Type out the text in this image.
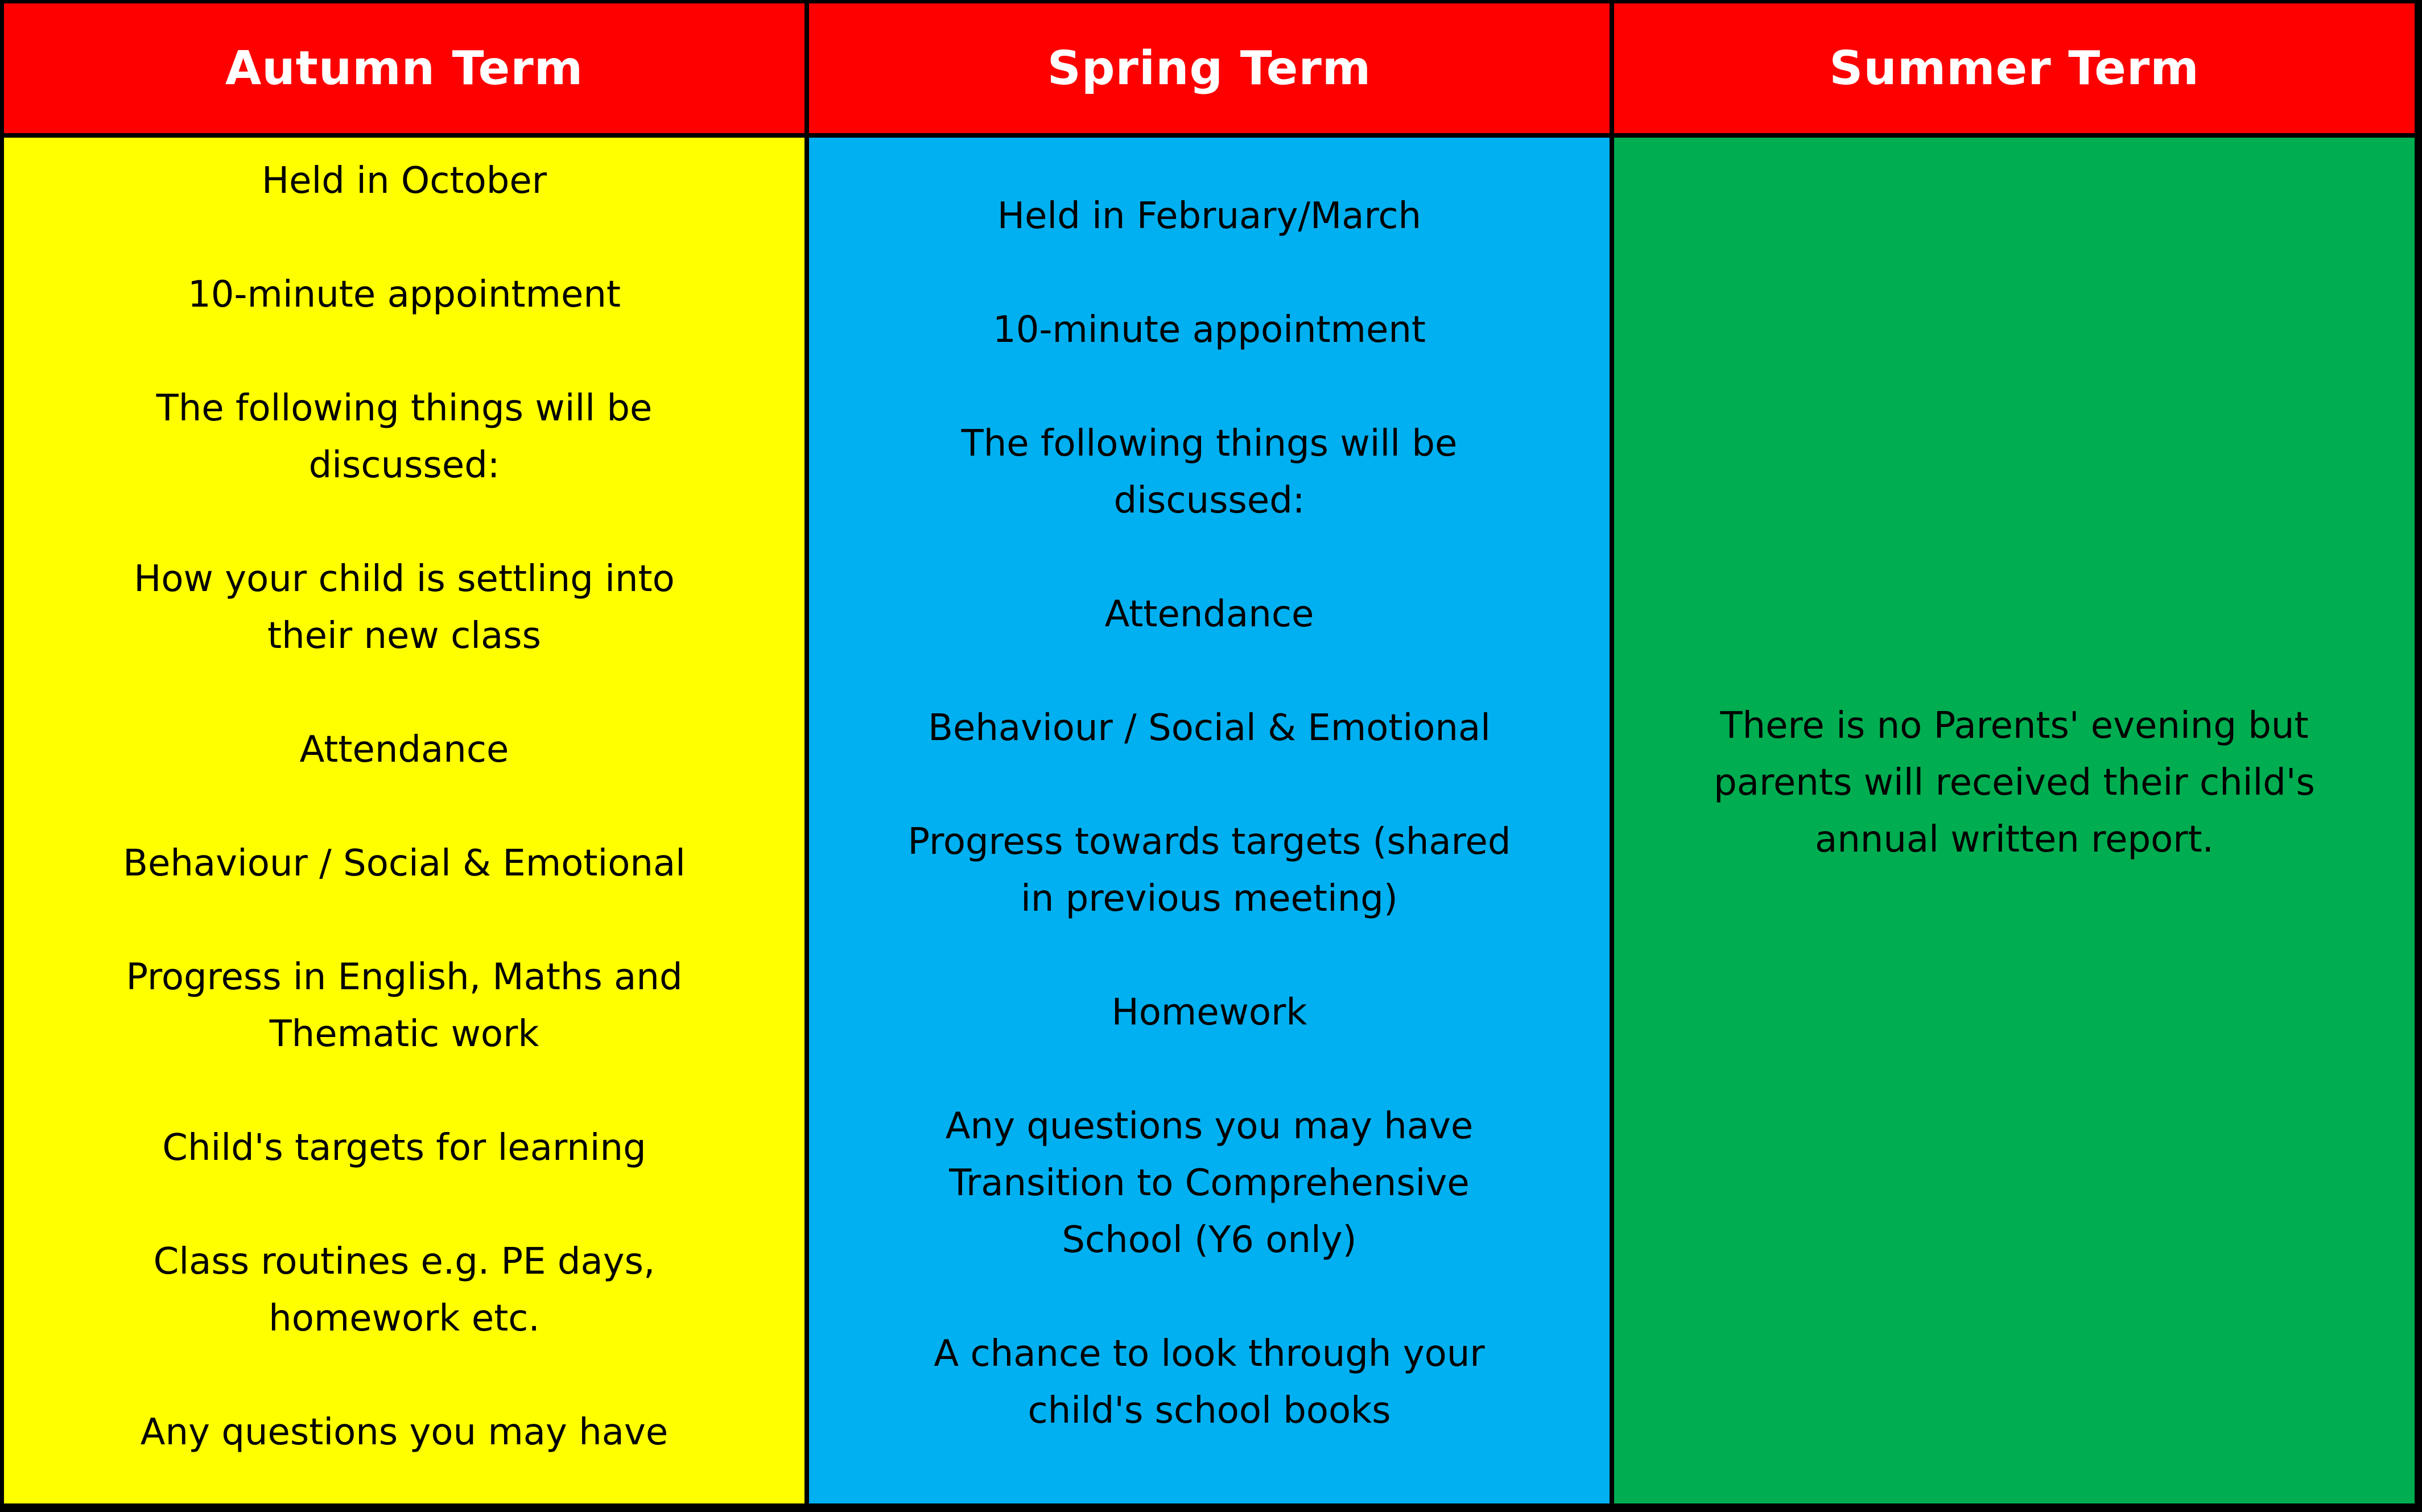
Autumn Term	Spring Term	Summer Term

Held in October

10-minute appointment

The following things will be
discussed:

How your child is settling into
their new class

Attendance

Behaviour / Social & Emotional

Progress in English, Maths and
Thematic work

Child's targets for learning

Class routines e.g. PE days,
homework etc.

Any questions you may have

Held in February/March

10-minute appointment

The following things will be
discussed:

Attendance

Behaviour / Social & Emotional

Progress towards targets (shared
in previous meeting)

Homework

Any questions you may have
Transition to Comprehensive
School (Y6 only)

A chance to look through your
child's school books

There is no Parents' evening but
parents will received their child's
annual written report.
